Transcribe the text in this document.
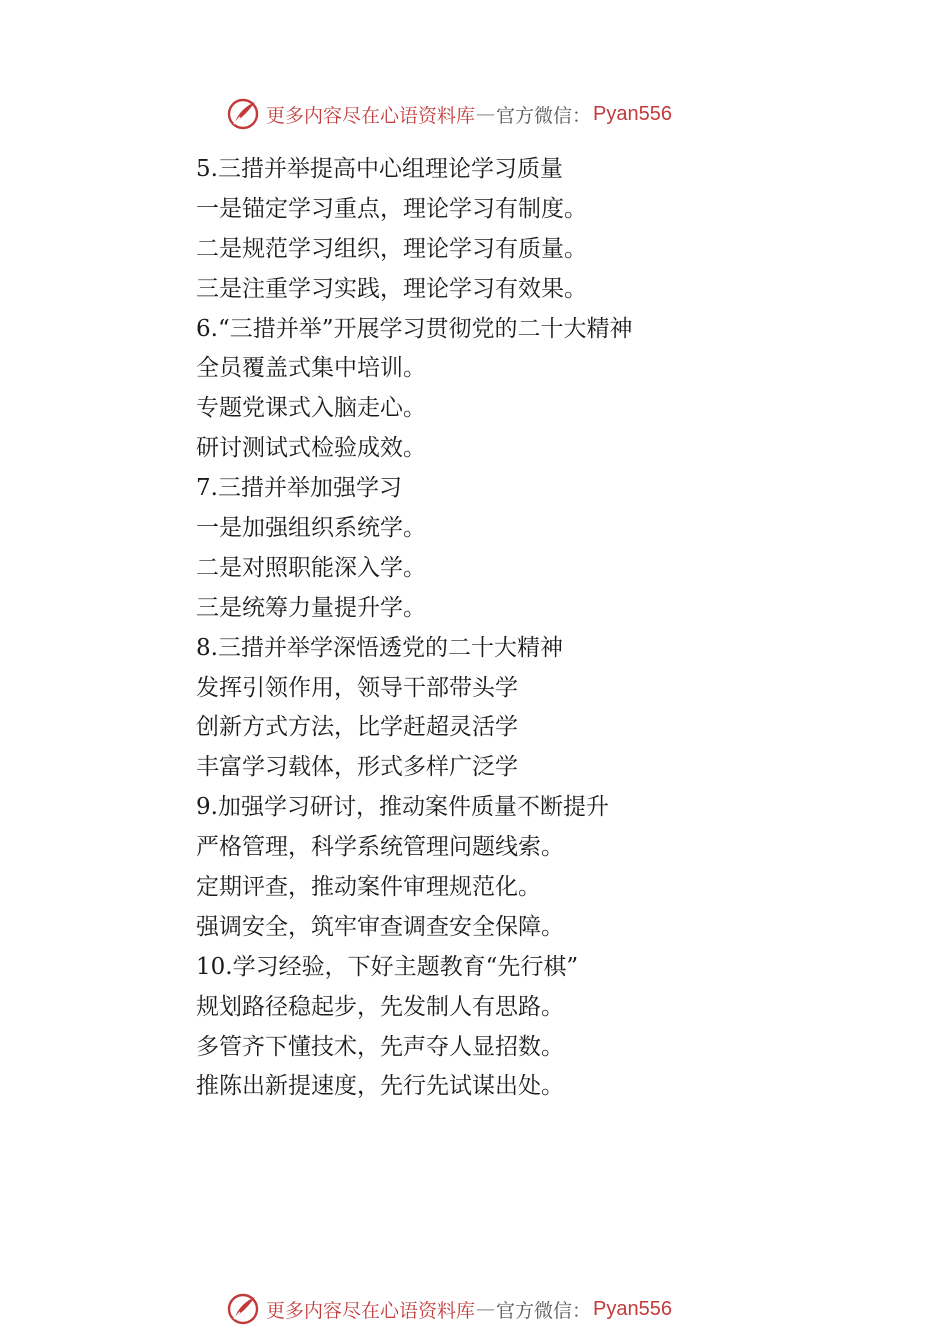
更多内容尽在心语资料库 — 官方微信： Pyan556
5.三措并举提高中心组理论学习质量
一是锚定学习重点，理论学习有制度。
二是规范学习组织，理论学习有质量。
三是注重学习实践，理论学习有效果。
6.“三措并举”开展学习贯彻党的二十大精神
全员覆盖式集中培训。
专题党课式入脑走心。
研讨测试式检验成效。
7.三措并举加强学习
一是加强组织系统学。
二是对照职能深入学。
三是统筹力量提升学。
8.三措并举学深悟透党的二十大精神
发挥引领作用，领导干部带头学
创新方式方法，比学赶超灵活学
丰富学习载体，形式多样广泛学
9.加强学习研讨，推动案件质量不断提升
严格管理，科学系统管理问题线索。
定期评查，推动案件审理规范化。
强调安全，筑牢审查调查安全保障。
10.学习经验，下好主题教育“先行棋”
规划路径稳起步，先发制人有思路。
多管齐下懂技术，先声夺人显招数。
推陈出新提速度，先行先试谋出处。
更多内容尽在心语资料库 — 官方微信： Pyan556
